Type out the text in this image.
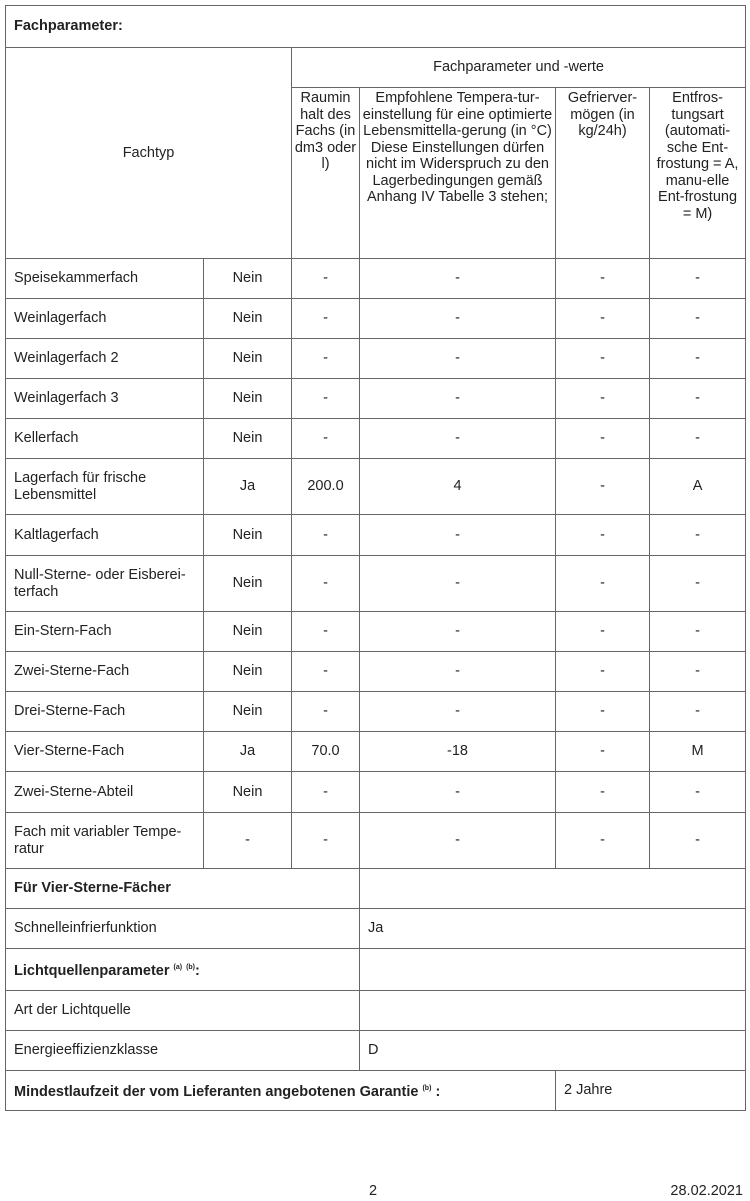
Fachparameter:					
Fachtyp		Fachparameter und -werte			
		Raumin halt des Fachs (in dm3 oder l)	Empfohlene Tempera-tur-einstellung für eine optimierte Lebensmittella-gerung (in °C) Diese Einstellungen dürfen nicht im Widerspruch zu den Lagerbedingungen gemäß Anhang IV Tabelle 3 stehen;	Gefrierver-mögen (in kg/24h)	Entfros-tungsart (automati-sche Ent-frostung = A, manu-elle Ent-frostung = M)
Speisekammerfach	Nein	-	-	-	-
Weinlagerfach	Nein	-	-	-	-
Weinlagerfach 2	Nein	-	-	-	-
Weinlagerfach 3	Nein	-	-	-	-
Kellerfach	Nein	-	-	-	-
Lagerfach für frische Lebensmittel	Ja	200.0	4	-	A
Kaltlagerfach	Nein	-	-	-	-
Null-Sterne- oder Eisberei-terfach	Nein	-	-	-	-
Ein-Stern-Fach	Nein	-	-	-	-
Zwei-Sterne-Fach	Nein	-	-	-	-
Drei-Sterne-Fach	Nein	-	-	-	-
Vier-Sterne-Fach	Ja	70.0	-18	-	M
Zwei-Sterne-Abteil	Nein	-	-	-	-
Fach mit variabler Tempe-ratur	-	-	-	-	-
Für Vier-Sterne-Fächer					
Schnelleinfrierfunktion			Ja		
Lichtquellenparameter $^{(a)}$ $^{(b)}$:					
Art der Lichtquelle					
Energieeffizienzklasse			D		
Mindestlaufzeit der vom Lieferanten angebotenen Garantie $^{(b)}$ :				2 Jahre	
2	28.02.2021
